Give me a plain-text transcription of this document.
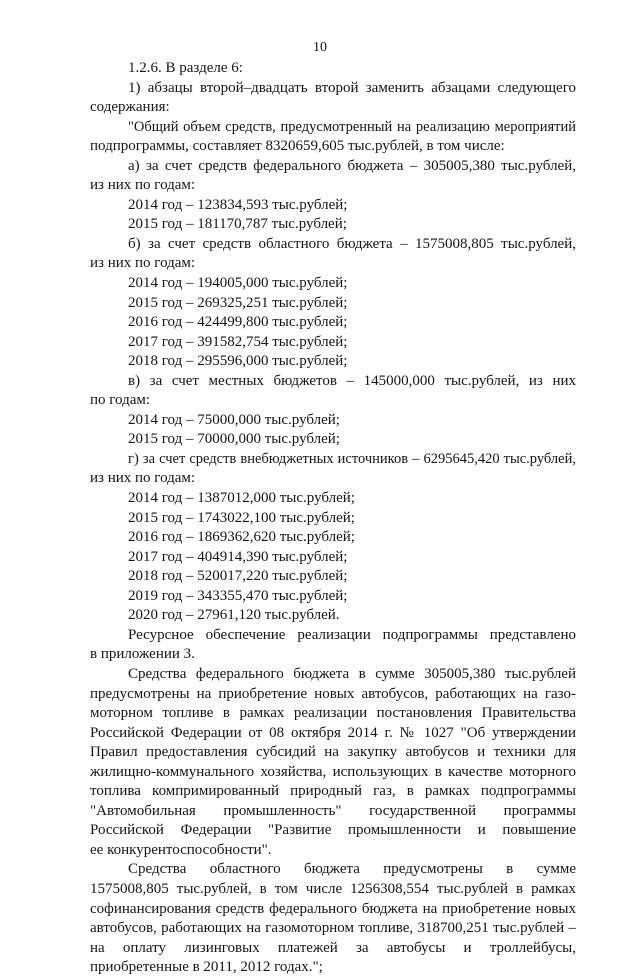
10
1.2.6. В разделе 6:
1) абзацы второй–двадцать второй заменить абзацами следующего
содержания:
"Общий объем средств, предусмотренный на реализацию мероприятий
подпрограммы, составляет 8320659,605 тыс.рублей, в том числе:
а) за счет средств федерального бюджета – 305005,380 тыс.рублей,
из них по годам:
2014 год – 123834,593 тыс.рублей;
2015 год – 181170,787 тыс.рублей;
б) за счет средств областного бюджета – 1575008,805 тыс.рублей,
из них по годам:
2014 год – 194005,000 тыс.рублей;
2015 год – 269325,251 тыс.рублей;
2016 год – 424499,800 тыс.рублей;
2017 год – 391582,754 тыс.рублей;
2018 год – 295596,000 тыс.рублей;
в) за счет местных бюджетов – 145000,000 тыс.рублей, из них
по годам:
2014 год – 75000,000 тыс.рублей;
2015 год – 70000,000 тыс.рублей;
г) за счет средств внебюджетных источников – 6295645,420 тыс.рублей,
из них по годам:
2014 год – 1387012,000 тыс.рублей;
2015 год – 1743022,100 тыс.рублей;
2016 год – 1869362,620 тыс.рублей;
2017 год – 404914,390 тыс.рублей;
2018 год – 520017,220 тыс.рублей;
2019 год – 343355,470 тыс.рублей;
2020 год – 27961,120 тыс.рублей.
Ресурсное обеспечение реализации подпрограммы представлено
в приложении 3.
Средства федерального бюджета в сумме 305005,380 тыс.рублей
предусмотрены на приобретение новых автобусов, работающих на газо-
моторном топливе в рамках реализации постановления Правительства
Российской Федерации от 08 октября 2014 г. № 1027 "Об утверждении
Правил предоставления субсидий на закупку автобусов и техники для
жилищно-коммунального хозяйства, использующих в качестве моторного
топлива компримированный природный газ, в рамках подпрограммы
"Автомобильная промышленность" государственной программы
Российской Федерации "Развитие промышленности и повышение
ее конкурентоспособности".
Средства областного бюджета предусмотрены в сумме
1575008,805 тыс.рублей, в том числе 1256308,554 тыс.рублей в рамках
софинансирования средств федерального бюджета на приобретение новых
автобусов, работающих на газомоторном топливе, 318700,251 тыс.рублей –
на оплату лизинговых платежей за автобусы и троллейбусы,
приобретенные в 2011, 2012 годах.";
